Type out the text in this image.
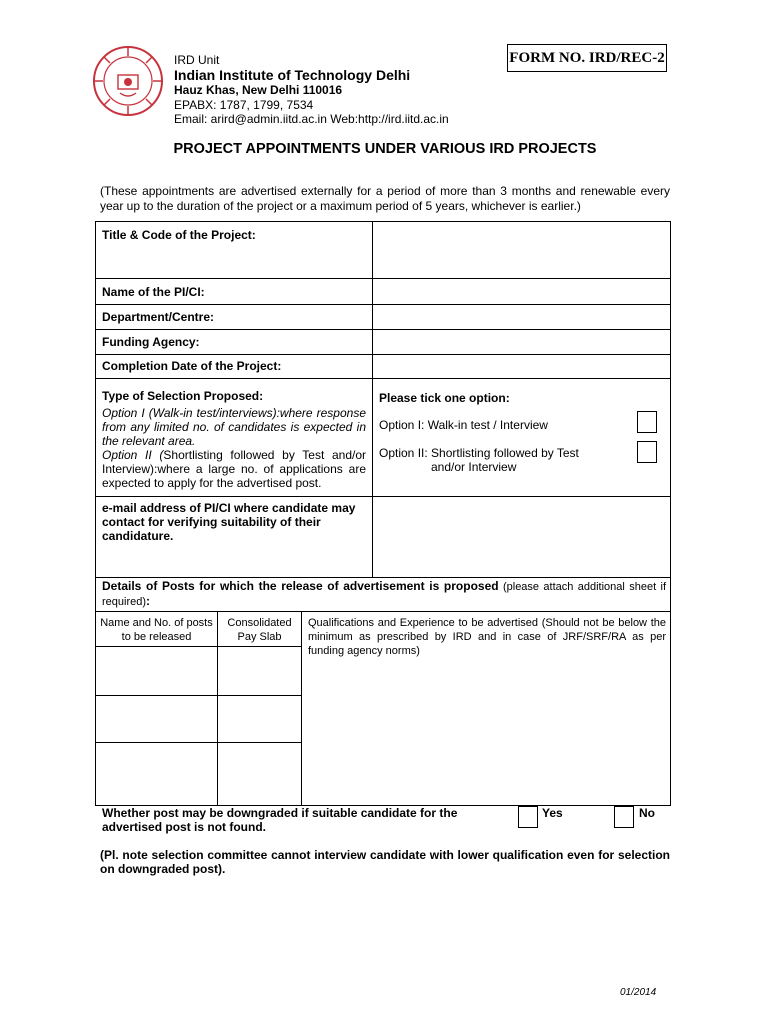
IRD Unit
Indian Institute of Technology Delhi
Hauz Khas, New Delhi 110016
EPABX: 1787, 1799, 7534
Email: arird@admin.iitd.ac.in Web:http://ird.iitd.ac.in
FORM NO. IRD/REC-2
PROJECT APPOINTMENTS UNDER VARIOUS IRD PROJECTS
(These appointments are advertised externally for a period of more than 3 months and renewable every year up to the duration of the project or a maximum period of 5 years, whichever is earlier.)
Title & Code of the Project:
Name of the PI/CI:
Department/Centre:
Funding Agency:
Completion Date of the Project:
Type of Selection Proposed:
Option I (Walk-in test/interviews):where response from any limited no. of candidates is expected in the relevant area.
Option II (Shortlisting followed by Test and/or Interview):where a large no. of applications are expected to apply for the advertised post.
Please tick one option:
Option I: Walk-in test / Interview
Option II: Shortlisting followed by Test
and/or Interview
e-mail address of PI/CI where candidate may contact for verifying suitability of their candidature.
Details of Posts for which the release of advertisement is proposed (please attach additional sheet if required):
Name and No. of posts to be released
Consolidated Pay Slab
Qualifications and Experience to be advertised (Should not be below the minimum as prescribed by IRD and in case of JRF/SRF/RA as per funding agency norms)
Whether post may be downgraded if suitable candidate for the advertised post is not found.
Yes	No
(Pl. note selection committee cannot interview candidate with lower qualification even for selection on downgraded post).
01/2014
